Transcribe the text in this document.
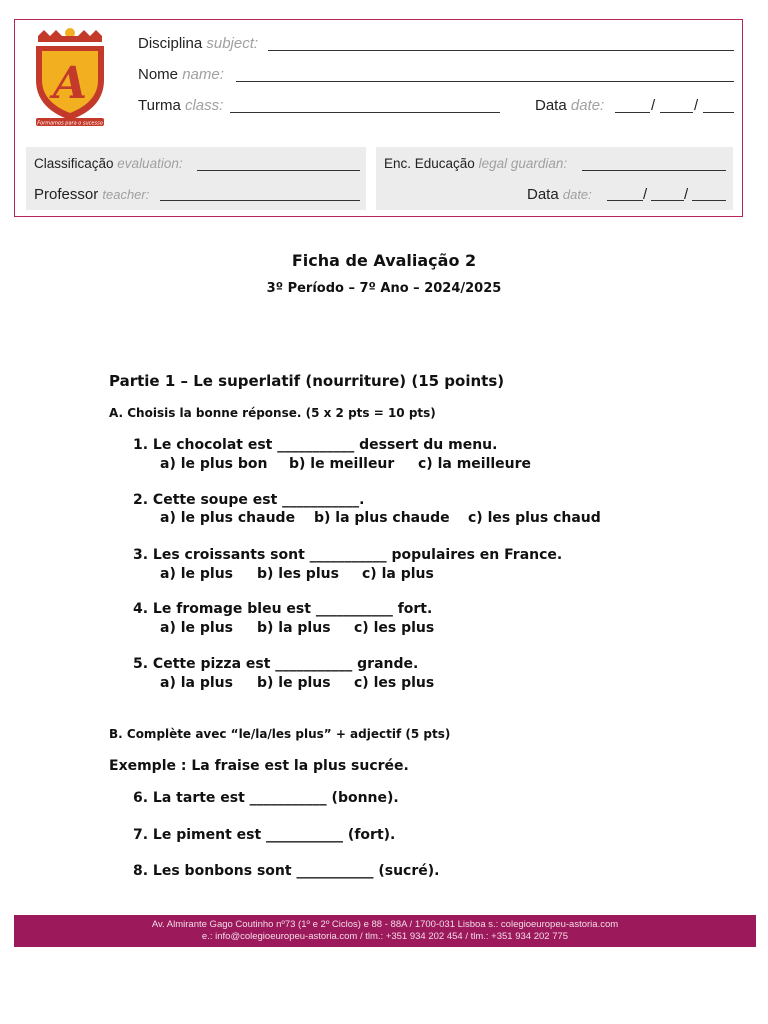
A
Formamos para o sucesso
Disciplina subject:
Nome name:
Turma class:	Data date:	/	/
Classificação evaluation:
Professor teacher:
Enc. Educação legal guardian:
Data date:	/ /
Ficha de Avaliação 2
3º Período – 7º Ano – 2024/2025
Partie 1 – Le superlatif (nourriture) (15 points)
A. Choisis la bonne réponse. (5 x 2 pts = 10 pts)
1. Le chocolat est ___________ dessert du menu.
a) le plus bon b) le meilleur c) la meilleure
2. Cette soupe est ___________.
a) le plus chaude b) la plus chaude c) les plus chaud
3. Les croissants sont ___________ populaires en France.
a) le plus b) les plus c) la plus
4. Le fromage bleu est ___________ fort.
a) le plus b) la plus c) les plus
5. Cette pizza est ___________ grande.
a) la plus b) le plus c) les plus
B. Complète avec “le/la/les plus” + adjectif (5 pts)
Exemple : La fraise est la plus sucrée.
6. La tarte est ___________ (bonne).
7. Le piment est ___________ (fort).
8. Les bonbons sont ___________ (sucré).
Av. Almirante Gago Coutinho nº73 (1º e 2º Ciclos) e 88 - 88A / 1700-031 Lisboa s.: colegioeuropeu-astoria.com
e.: info@colegioeuropeu-astoria.com / tlm.: +351 934 202 454 / tlm.: +351 934 202 775
